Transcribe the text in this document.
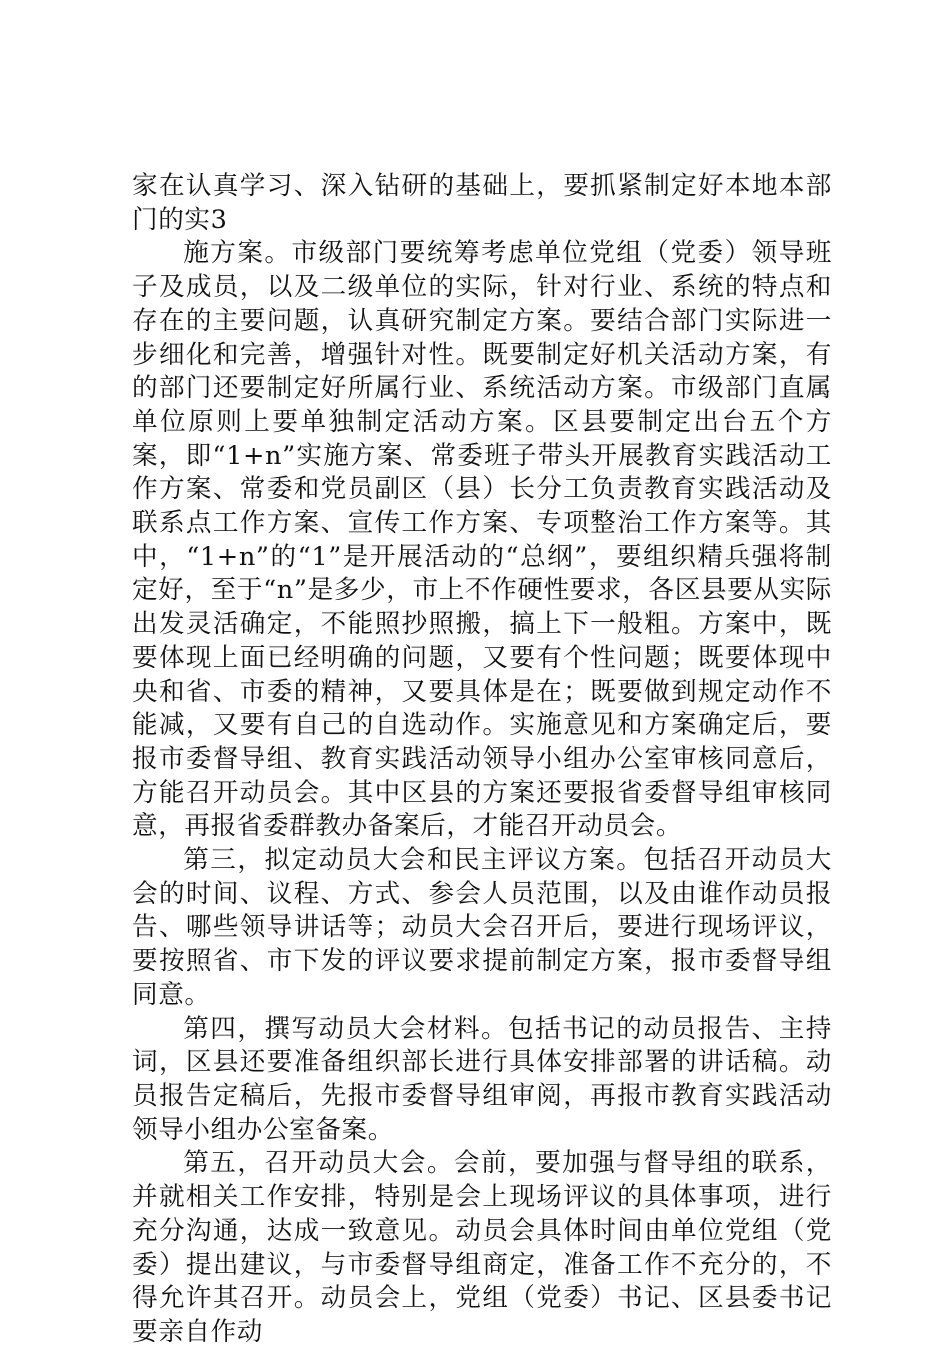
家在认真学习、深入钻研的基础上，要抓紧制定好本地本部门的实3

施方案。市级部门要统筹考虑单位党组（党委）领导班子及成员，以及二级单位的实际，针对行业、系统的特点和存在的主要问题，认真研究制定方案。要结合部门实际进一步细化和完善，增强针对性。既要制定好机关活动方案，有的部门还要制定好所属行业、系统活动方案。市级部门直属单位原则上要单独制定活动方案。区县要制定出台五个方案，即“1+n”实施方案、常委班子带头开展教育实践活动工作方案、常委和党员副区（县）长分工负责教育实践活动及联系点工作方案、宣传工作方案、专项整治工作方案等。其中，“1+n”的“1”是开展活动的“总纲”，要组织精兵强将制定好，至于“n”是多少，市上不作硬性要求，各区县要从实际出发灵活确定，不能照抄照搬，搞上下一般粗。方案中，既要体现上面已经明确的问题，又要有个性问题；既要体现中央和省、市委的精神，又要具体是在；既要做到规定动作不能减，又要有自己的自选动作。实施意见和方案确定后，要报市委督导组、教育实践活动领导小组办公室审核同意后，方能召开动员会。其中区县的方案还要报省委督导组审核同意，再报省委群教办备案后，才能召开动员会。

第三，拟定动员大会和民主评议方案。包括召开动员大会的时间、议程、方式、参会人员范围，以及由谁作动员报告、哪些领导讲话等；动员大会召开后，要进行现场评议，要按照省、市下发的评议要求提前制定方案，报市委督导组同意。

第四，撰写动员大会材料。包括书记的动员报告、主持词，区县还要准备组织部长进行具体安排部署的讲话稿。动员报告定稿后，先报市委督导组审阅，再报市教育实践活动领导小组办公室备案。

第五，召开动员大会。会前，要加强与督导组的联系，并就相关工作安排，特别是会上现场评议的具体事项，进行充分沟通，达成一致意见。动员会具体时间由单位党组（党委）提出建议，与市委督导组商定，准备工作不充分的，不得允许其召开。动员会上，党组（党委）书记、区县委书记要亲自作动
